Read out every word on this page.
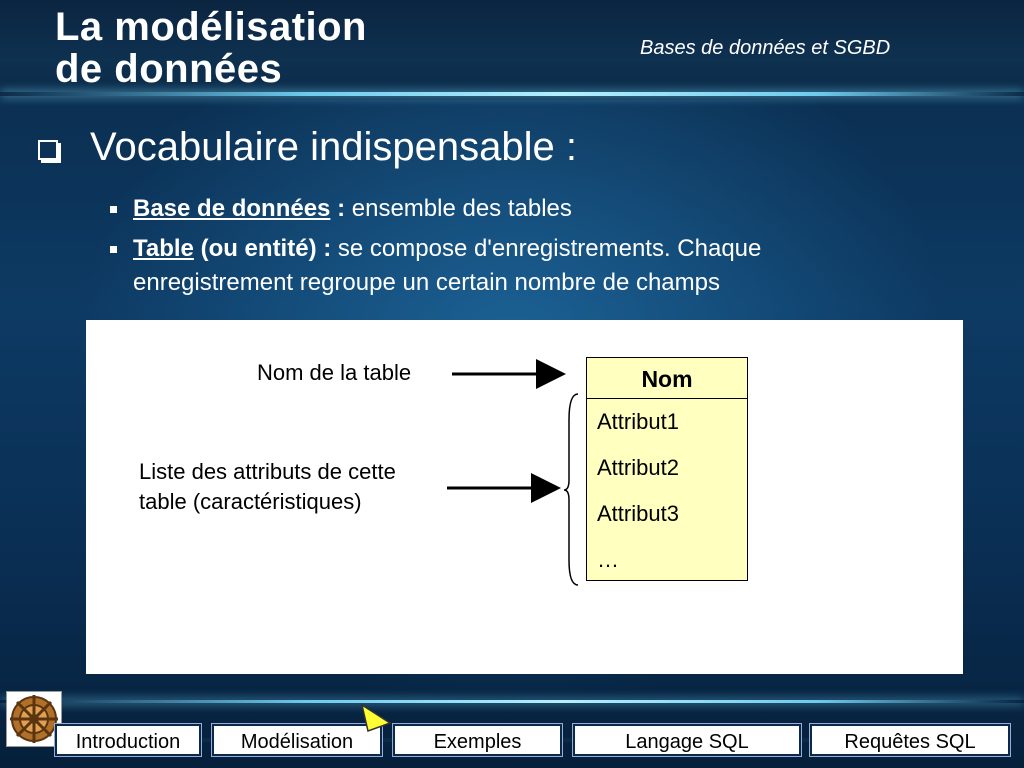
La modélisation
de données	Bases de données et SGBD
Vocabulaire indispensable :
Base de données : ensemble des tables
Table (ou entité) : se compose d'enregistrements. Chaque enregistrement regroupe un certain nombre de champs
Nom de la table
Liste des attributs de cette
table (caractéristiques)
Nom
Attribut1
Attribut2
Attribut3
…
Introduction	Modélisation	Exemples	Langage SQL	Requêtes SQL
